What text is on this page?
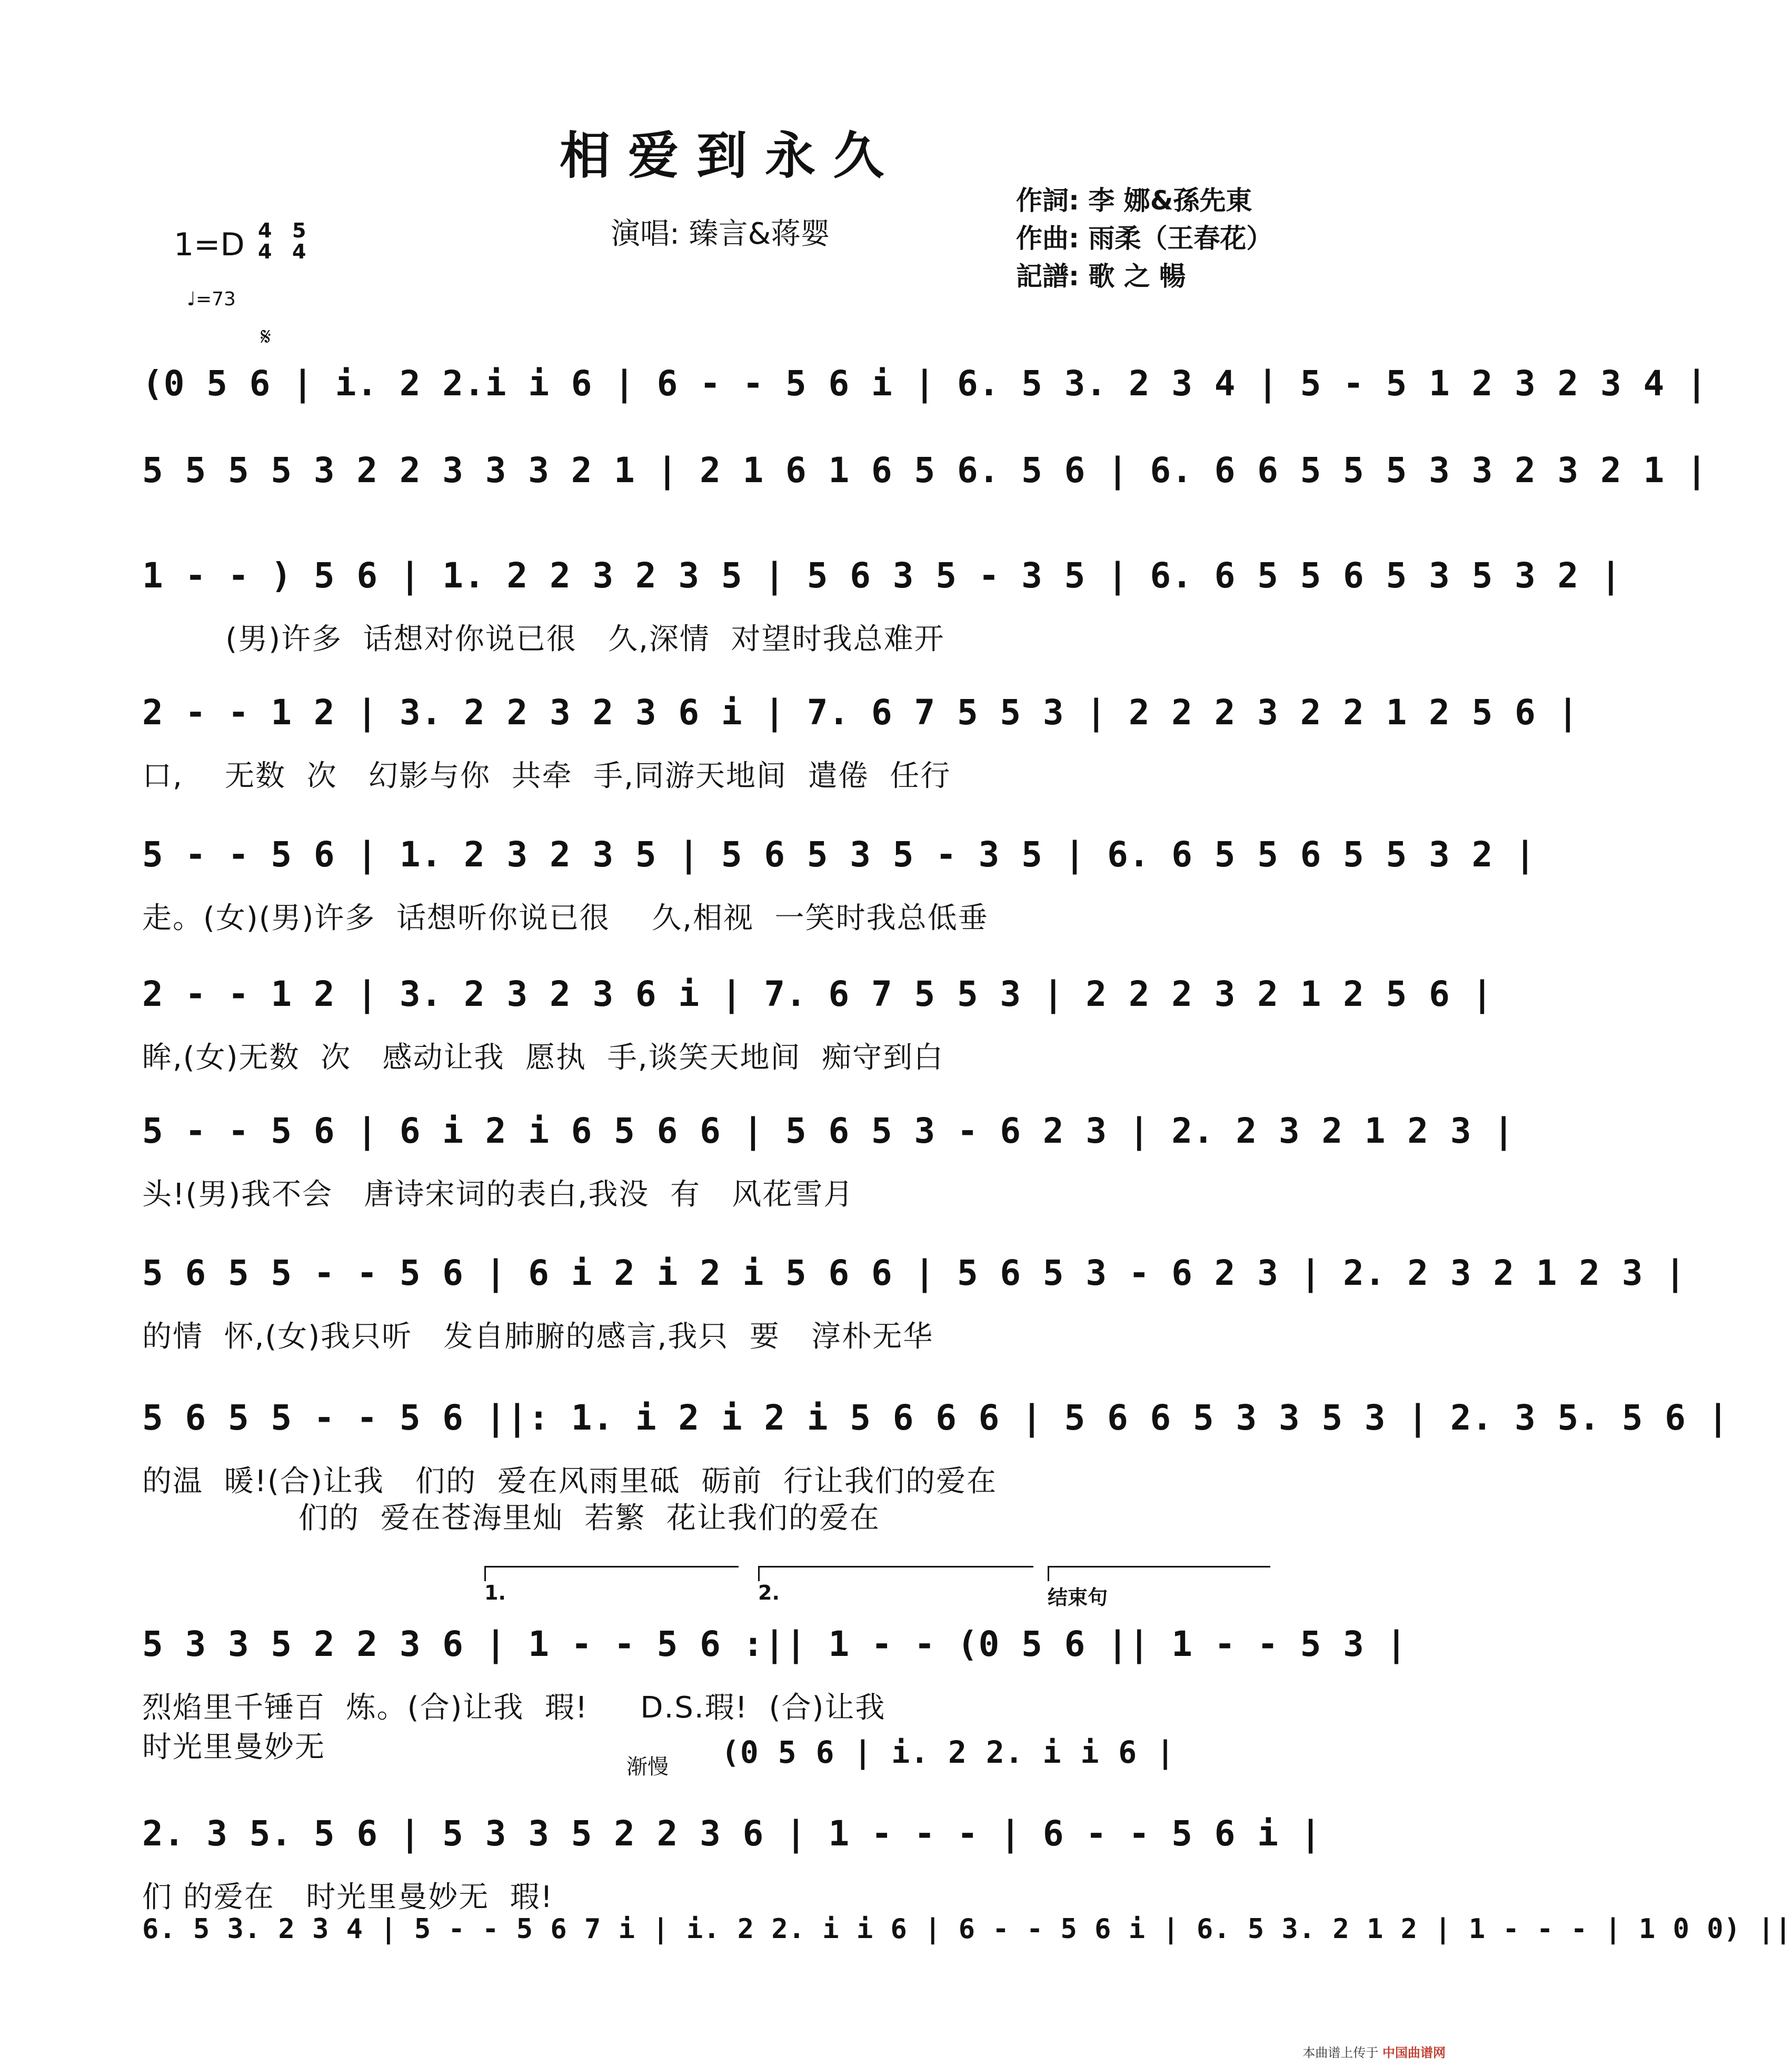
相爱到永久
演唱: 臻言&蒋婴
作詞: 李 娜&孫先東
作曲: 雨柔（王春花）
記譜: 歌 之 暢
1=D 4
4
5
4
♩=73
𝄋
(0 5 6 | i. 2 2.i i 6 | 6 - - 5 6 i | 6. 5 3. 2 3 4 | 5 - 5 1 2 3 2 3 4 |
5 5 5 5 3 2 2 3 3 3 2 1 | 2 1 6 1 6 5 6. 5 6 | 6. 6 6 5 5 5 3 3 2 3 2 1 |
1 - - ) 5 6 | 1. 2 2 3 2 3 5 | 5 6 3 5 - 3 5 | 6. 6 5 5 6 5 3 5 3 2 |
(男)许多  话想对你说已很   久,深情  对望时我总难开
2 - - 1 2 | 3. 2 2 3 2 3 6 i | 7. 6 7 5 5 3 | 2 2 2 3 2 2 1 2 5 6 |
口,    无数  次   幻影与你  共牵  手,同游天地间  遣倦  任行
5 - - 5 6 | 1. 2 3 2 3 5 | 5 6 5 3 5 - 3 5 | 6. 6 5 5 6 5 5 3 2 |
走。(女)(男)许多  话想听你说已很    久,相视  一笑时我总低垂
2 - - 1 2 | 3. 2 3 2 3 6 i | 7. 6 7 5 5 3 | 2 2 2 3 2 1 2 5 6 |
眸,(女)无数  次   感动让我  愿执  手,谈笑天地间  痴守到白
5 - - 5 6 | 6 i 2 i 6 5 6 6 | 5 6 5 3 - 6 2 3 | 2. 2 3 2 1 2 3 |
头!(男)我不会   唐诗宋词的表白,我没  有   风花雪月
5 6 5 5 - - 5 6 | 6 i 2 i 2 i 5 6 6 | 5 6 5 3 - 6 2 3 | 2. 2 3 2 1 2 3 |
的情  怀,(女)我只听   发自肺腑的感言,我只  要   淳朴无华
5 6 5 5 - - 5 6 ||: 1. i 2 i 2 i 5 6 6 6 | 5 6 6 5 3 3 5 3 | 2. 3 5. 5 6 |
的温  暖!(合)让我   们的  爱在风雨里砥  砺前  行让我们的爱在
们的  爱在苍海里灿  若繁  花让我们的爱在
5 3 3 5 2 2 3 6 | 1 - - 5 6 :|| 1 - - (0 5 6 || 1 - - 5 3 |
烈焰里千锤百  炼。(合)让我  瑕!     D.S.瑕!  (合)让我
时光里曼妙无
2. 3 5. 5 6 | 5 3 3 5 2 2 3 6 | 1 - - - | 6 - - 5 6 i |
们 的爱在   时光里曼妙无  瑕!
6. 5 3. 2 3 4 | 5 - - 5 6 7 i | i. 2 2. i i 6 | 6 - - 5 6 i | 6. 5 3. 2 1 2 | 1 - - - | 1 0 0) ||
1.	2.	结束句
渐慢 (0 5 6 | i. 2 2. i i 6 |
本曲谱上传于 中国曲谱网
